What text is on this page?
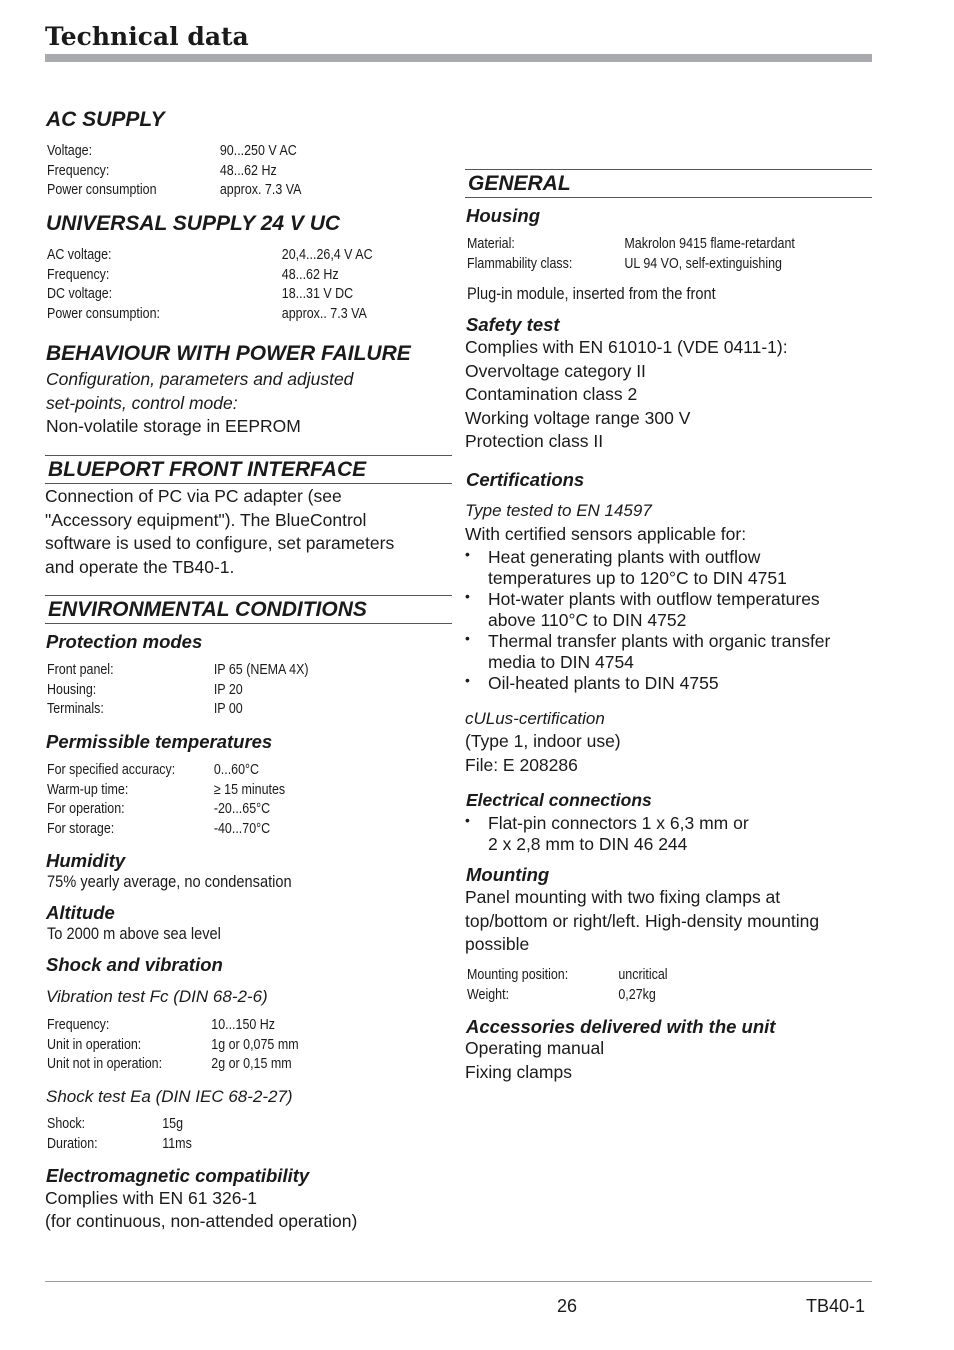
Technical data
AC SUPPLY
Voltage:	90...250 V AC
Frequency:	48...62 Hz
Power consumption	approx. 7.3 VA
UNIVERSAL SUPPLY 24 V UC
AC voltage:	20,4...26,4 V AC
Frequency:	48...62 Hz
DC voltage:	18...31 V DC
Power consumption:	approx.. 7.3 VA
BEHAVIOUR WITH POWER FAILURE
Configuration, parameters and adjusted
set-points, control mode:
Non-volatile storage in EEPROM
BLUEPORT FRONT INTERFACE
Connection of PC via PC adapter (see
"Accessory equipment"). The BlueControl
software is used to configure, set parameters
and operate the TB40-1.
ENVIRONMENTAL CONDITIONS
Protection modes
Front panel:	IP 65 (NEMA 4X)
Housing:	IP 20
Terminals:	IP 00
Permissible temperatures
For specified accuracy:	0...60°C
Warm-up time:	≥ 15 minutes
For operation:	-20...65°C
For storage:	-40...70°C
Humidity
75% yearly average, no condensation
Altitude
To 2000 m above sea level
Shock and vibration
Vibration test Fc (DIN 68-2-6)
Frequency:	10...150 Hz
Unit in operation:	1g or 0,075 mm
Unit not in operation:	2g or 0,15 mm
Shock test Ea (DIN IEC 68-2-27)
Shock:	15g
Duration:	11ms
Electromagnetic compatibility
Complies with EN 61 326-1
(for continuous, non-attended operation)
GENERAL
Housing
Material:	Makrolon 9415 flame-retardant
Flammability class:	UL 94 VO, self-extinguishing
Plug-in module, inserted from the front
Safety test
Complies with EN 61010-1 (VDE 0411-1):
Overvoltage category II
Contamination class 2
Working voltage range 300 V
Protection class II
Certifications
Type tested to EN 14597
With certified sensors applicable for:
• Heat generating plants with outflow
temperatures up to 120°C to DIN 4751
• Hot-water plants with outflow temperatures
above 110°C to DIN 4752
• Thermal transfer plants with organic transfer
media to DIN 4754
• Oil-heated plants to DIN 4755
cULus-certification
(Type 1, indoor use)
File: E 208286
Electrical connections
• Flat-pin connectors 1 x 6,3 mm or
2 x 2,8 mm to DIN 46 244
Mounting
Panel mounting with two fixing clamps at
top/bottom or right/left. High-density mounting
possible
Mounting position:	uncritical
Weight:	0,27kg
Accessories delivered with the unit
Operating manual
Fixing clamps
26	TB40-1
